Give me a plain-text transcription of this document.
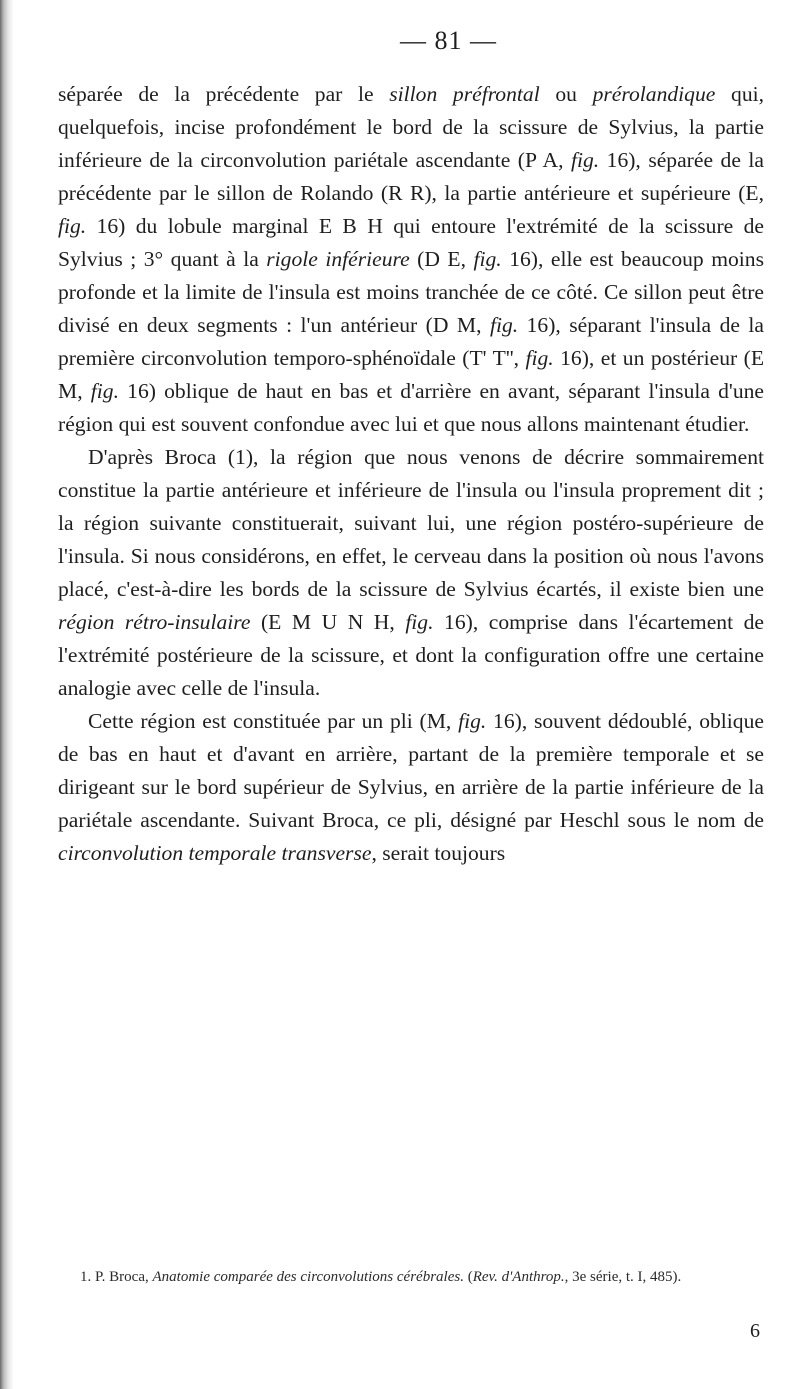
— 81 —

séparée de la précédente par le sillon préfrontal ou prérolandique qui, quelquefois, incise profondément le bord de la scissure de Sylvius, la partie inférieure de la circonvolution pariétale ascendante (P A, fig. 16), séparée de la précédente par le sillon de Rolando (R R), la partie antérieure et supérieure (E, fig. 16) du lobule marginal E B H qui entoure l'extrémité de la scissure de Sylvius ; 3° quant à la rigole inférieure (D E, fig. 16), elle est beaucoup moins profonde et la limite de l'insula est moins tranchée de ce côté. Ce sillon peut être divisé en deux segments : l'un antérieur (D M, fig. 16), séparant l'insula de la première circonvolution temporo-sphénoïdale (T' T'', fig. 16), et un postérieur (E M, fig. 16) oblique de haut en bas et d'arrière en avant, séparant l'insula d'une région qui est souvent confondue avec lui et que nous allons maintenant étudier.

D'après Broca (1), la région que nous venons de décrire sommairement constitue la partie antérieure et inférieure de l'insula ou l'insula proprement dit ; la région suivante constituerait, suivant lui, une région postéro-supérieure de l'insula. Si nous considérons, en effet, le cerveau dans la position où nous l'avons placé, c'est-à-dire les bords de la scissure de Sylvius écartés, il existe bien une région rétro-insulaire (E M U N H, fig. 16), comprise dans l'écartement de l'extrémité postérieure de la scissure, et dont la configuration offre une certaine analogie avec celle de l'insula.

Cette région est constituée par un pli (M, fig. 16), souvent dédoublé, oblique de bas en haut et d'avant en arrière, partant de la première temporale et se dirigeant sur le bord supérieur de Sylvius, en arrière de la partie inférieure de la pariétale ascendante. Suivant Broca, ce pli, désigné par Heschl sous le nom de circonvolution temporale transverse, serait toujours

1. P. Broca, Anatomie comparée des circonvolutions cérébrales. (Rev. d'Anthrop., 3e série, t. I, 485).
6
